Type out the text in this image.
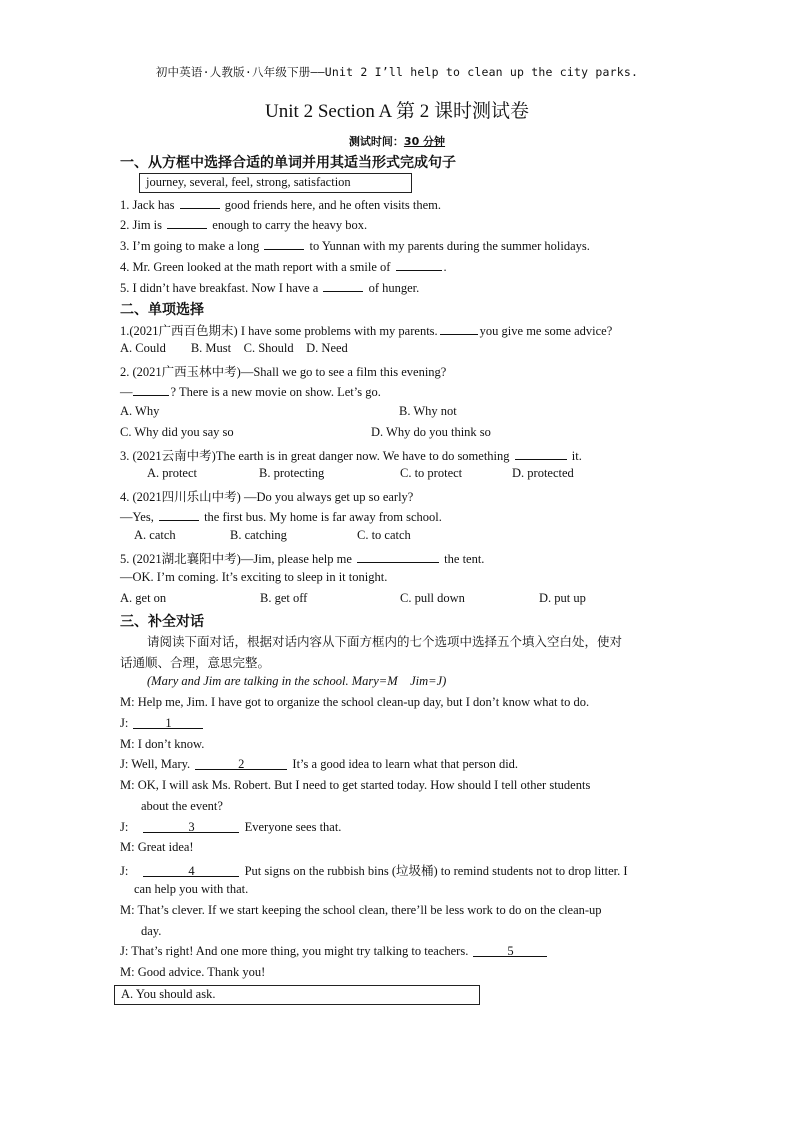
初中英语·人教版·八年级下册——Unit 2 I’ll help to clean up the city parks.
Unit 2 Section A 第 2 课时测试卷
测试时间：30 分钟
一、从方框中选择合适的单词并用其适当形式完成句子
journey, several, feel, strong, satisfaction
1. Jack has	good friends here, and he often visits them.
2. Jim is	enough to carry the heavy box.
3. I’m going to make a long	to Yunnan with my parents during the summer holidays.
4. Mr. Green looked at the math report with a smile of	.
5. I didn’t have breakfast. Now I have a	of hunger.
二、单项选择
1.(2021广西百色期末) I have some problems with my parents.	you give me some advice?
A. Could        B. Must    C. Should    D. Need
2. (2021广西玉林中考)—Shall we go to see a film this evening?
—	? There is a new movie on show. Let’s go.
A. Why	B. Why not
C. Why did you say so	D. Why do you think so
3. (2021云南中考)The earth is in great danger now. We have to do something	it.
A. protect	B. protecting	C. to protect	D. protected
4. (2021四川乐山中考) —Do you always get up so early?
—Yes,	the first bus. My home is far away from school.
A. catch	B. catching	C. to catch
5. (2021湖北襄阳中考)—Jim, please help me	the tent.
—OK. I’m coming. It’s exciting to sleep in it tonight.
A. get on	B. get off	C. pull down	D. put up
三、补全对话
请阅读下面对话，根据对话内容从下面方框内的七个选项中选择五个填入空白处，使对
话通顺、合理，意思完整。
(Mary and Jim are talking in the school. Mary=M    Jim=J)
M: Help me, Jim. I have got to organize the school clean-up day, but I don’t know what to do.
J:	1
M: I don’t know.
J: Well, Mary.	2	It’s a good idea to learn what that person did.
M: OK, I will ask Ms. Robert. But I need to get started today. How should I tell other students
about the event?
J:	3	Everyone sees that.
M: Great idea!
J:	4	Put signs on the rubbish bins (垃圾桶) to remind students not to drop litter. I
can help you with that.
M: That’s clever. If we start keeping the school clean, there’ll be less work to do on the clean-up
day.
J: That’s right! And one more thing, you might try talking to teachers.	5
M: Good advice. Thank you!
A. You should ask.
